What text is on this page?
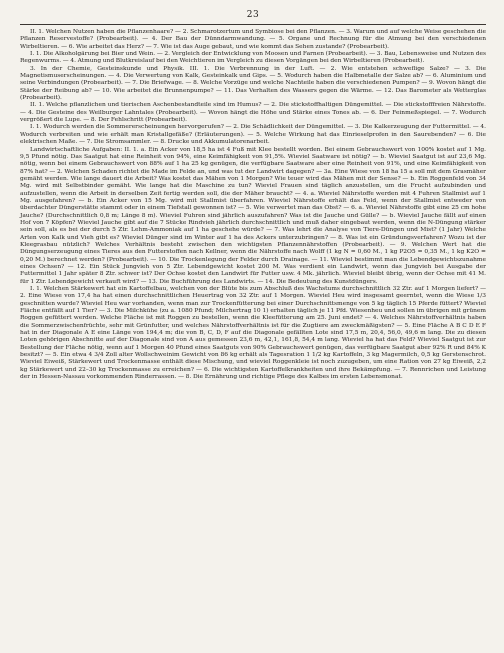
23

II. 1. Welchen Nutzen haben die Pflanzenhaare? — 2. Schmarotzertum und Symbiose bei den Pflanzen. — 3. Warum und auf welche Weise geschehen die Pflanzen Reservestoffe? (Probearbeit). — 4. Der Bau der Dünndarmwandung. — 5. Organe und Rechnung für die Atmung bei den verschiedenen Wirbeltieren. — 6. Wie arbeitet das Herz? — 7. Wie ist das Auge gebaut, und wie kommt das Sehen zustande? (Probearbeit).

I. 1. Die Alkoholgärung bei Bier und Wein. — 2. Vergleich der Entwicklung von Moosen und Farnen (Probearbeit). — 3. Bau, Lebensweise und Nutzen des Regenwurms. — 4. Atmung und Blutkreislauf bei den Weichtieren im Vergleich zu diesen Vorgängen bei den Wirbeltieren (Probearbeit).

3. In der Chemie, Gesteinskunde und Physik. III. 1. Die Verbrennung in der Luft. — 2. Wie entstehen schweflige Salze? — 3. Die Magnetismuserscheinungen. — 4. Die Verwertung von Kalk, Gesteinkalk und Gips. — 5. Wodurch haben die Halbmetalle der Salze ab? — 6. Aluminium und seine Verbindungen (Probearbeit). — 7. Die Briefwage. — 8. Welche Vorzüge und welche Nachteile haben die verschiedenen Pumpen? — 9. Wovon hängt die Stärke der Reibung ab? — 10. Wie arbeitet die Brunnenpumpe? — 11. Das Verhalten des Wassers gegen die Wärme. — 12. Das Barometer als Wetterglas (Probearbeit).

II. 1. Welche pflanzlichen und tierischen Aschenbestandteile sind im Humus? — 2. Die stickstoffhaltigen Düngemittel. — Die stickstofffreien Nährstoffe. — 4. Die Gesteine des Weilburger Lahntales (Probearbeit). — Wovon hängt die Höhe und Stärke eines Tones ab. — 6. Der Feinmeßspiegel. — 7. Wodurch vergrößert die Lupe. — 8. Der Fehlschritt (Probearbeit).

I. 1. Wodurch werden die Sommererscheinungen hervorgerufen? — 2. Die Schädlichkeit der Düngemittel. — 3. Die Kalkerzeugung der Futtermittel. — 4. Wodurch verbreiten und wie erhält man Kristallgefäße? (Erläuterungen). — 5. Welche Wirkung hat das Einrieselprofen in den Saurebenden? — 6. Die elektrischen Maße. — 7. Die Stromsammler. — 8. Drucke und Akkumulatorenarbeit.

Landwirtschaftliche Aufgaben: II. 1. a. Ein Acker von 18,5 ha ist 4 Fuß mit Klee bestellt worden. Bei einem Gebrauchswert von 100% kostet auf 1 Mg. 9,5 Pfund nötig. Das Saatgut hat eine Reinheit von 94%, eine Keimfähigkeit von 91,5%. Wieviel Saatware ist nötig? — b. Wieviel Saatgut ist auf 23,6 Mg. nötig, wenn bei einem Gebrauchswert von 88% auf 1 ha 25 kg genügen, die verfügbare Saatware aber eine Reinheit von 91%, und eine Keimfähigkeit von 87% hat? — 2. Welchen Schaden richtet die Made im Felde an, und was tut der Landwirt dagegen? — 3a. Eine Wiese von 18 ha 15 a soll mit dem Grasmäher gemäht werden. Wie lange dauert die Arbeit? Was kostet das Mähen von 1 Morgen? Wie teuer wird das Mähen mit der Sense? — b. Ein Roggenfeld von 34 Mg. wird mit Selbstbinder gemäht. Wie lange hat die Maschine zu tun? Wieviel Frauen sind täglich anzustellen, um die Frucht aufzubinden und aufzustellen, wenn die Arbeit in derselben Zeit fertig werden soll, die der Mäher braucht? — 4. a. Wieviel Nährstoffe werden mit 4 Fuhren Stallmist auf 1 Mg. ausgefahren? — b. Ein Acker von 15 Mg. wird mit Stallmist überfahren. Wieviel Nährstoffe erhält das Feld, wenn der Stallmist entweder von überdachter Düngerstätte stammt oder in einem Tiefstall gewonnen ist? — 5. Wie verwertet man das Obst? — 6. a. Wieviel Nährstoffe gibt eine 25 cm hohe Jauche? (Durchschnittlich 0,8 m; Länge 8 m). Wieviel Fuhren sind jährlich auszufahren? Was ist die Jauche und Gülle? — b. Wieviel Jauche fällt auf einen Hof von 7 Köpfen? Wieviel Jauche gibt auf die 7 Stücke Rindvieh jährlich durchschnittlich und muß daher eingebaut werden, wenn die N-Düngung stärker sein soll, als es bei der durch 5 Ztr. Lehm-Ammoniak auf 1 ha geschehe würde? — 7. Was lehrt die Analyse von Tiere-Düngen und Mist? (1 Jahr) Welche Arten von Kalk und Vieh gibt es? Wieviel Dünger sind im Winter auf 1 ha des Ackers unterzubringen? — 8. Was ist ein Gründungsverfahren? Wozu ist der Kleegrasbau nützlich? Welches Verhältnis besteht zwischen den wichtigsten Pflanzennährstoffen (Probearbeit). — 9. Welchen Wert hat die Düngungserzeugung eines Tieres aus den Futterstoffen nach Kellner, wenn die Nährstoffe nach Wolff (1 kg N = 0,60 M., 1 kg P2O5 = 0,35 M., 1 kg K2O = 0,20 M.) berechnet werden? (Probearbeit). — 10. Die Trockenlegung der Felder durch Drainage. — 11. Wieviel bestimmt man die Lebendgewichtszunahme eines Ochsen? — 12. Ein Stück Jungvieh von 5 Ztr. Lebendgewicht kostet 200 M. Was verdient ein Landwirt, wenn das Jungvieh bei Ausgabe der Futtermittel 1 Jahr später 8 Ztr. schwer ist? Der Ochse kostet den Landwirt für Futter usw. 4 Mk. jährlich. Wieviel bleibt übrig, wenn der Ochse mit 41 M. für 1 Ztr. Lebendgewicht verkauft wird? — 13. Die Buchführung des Landwirts. — 14. Die Bedeutung des Kunstdüngers.

I. 1. Welchen Stärkewert hat ein Kartoffelbau, welchen von der Blüte bis zum Abschluß des Wachstums durchschnittlich 32 Ztr. auf 1 Morgen liefert? — 2. Eine Wiese von 17,4 ha hat einen durchschnittlichen Heuertrag von 32 Ztr. auf 1 Morgen. Wieviel Heu wird insgesamt geerntet, wenn die Wiese 1/3 geschnitten wurde? Wieviel Heu war vorhanden, wenn man zur Trockenfütterung bei einer Durchschnittsmenge von 5 kg täglich 15 Pferde füttert? Wieviel Fläche entfällt auf 1 Tier? — 3. Die Milchkühe (zu a. 1080 Pfund; Milchertrag 10 1) erhalten täglich je 11 Pfd. Wiesenheu und sollen im übrigen mit grünem Roggen gefüttert werden. Welche Fläche ist mit Roggen zu bestellen, wenn die Kleefütterung am 25. Juni endet? — 4. Welches Nährstoffverhältnis haben die Sommerzwischenfrüchte, sehr mit Grünfutter, und welches Nährstoffverhältnis ist für die Zugtiere am zweckmäßigsten? — 5. Eine Fläche A B C D E F hat in der Diagonale A E eine Länge von 194,4 m; die von B, C, D, F auf die Diagonale gefällten Lote sind 17,5 m, 20,4, 56,0, 49,6 m lang. Die zu diesen Loten gehörigen Abschnitte auf der Diagonale sind von A aus gemessen 23,6 m, 42,1, 161,8, 54,4 m lang. Wieviel ha hat das Feld? Wieviel Saatgut ist zur Bestellung der Fläche nötig, wenn auf 1 Morgen 40 Pfund eines Saatguts von 90% Gebrauchswert genügen, das verfügbare Saatgut aber 92% R und 84% K besitzt? — 5. Ein etwa 4 3/4 Zoll alter Wollschweinim Gewicht von 86 kg erhält als Tagesration 1 1/2 kg Kartoffeln, 3 kg Magermilch, 0,5 kg Gerstenschrot. Wieviel Eiweiß, Stärkewert und Trockenmasse enthält diese Mischung, und wieviel Roggenkleie ist noch zuzugeben, um eine Ration von 27 kg Eiweiß, 2,2 kg Stärkewert und 22–30 kg Trockenmasse zu erreichen? — 6. Die wichtigsten Kartoffelkrankheiten und ihre Bekämpfung. — 7. Rennrichen und Leistung der in Hessen-Nassau vorkommenden Rinderrassen. — 8. Die Ernährung und richtige Pflege des Kalbes im ersten Lebensmonat.
